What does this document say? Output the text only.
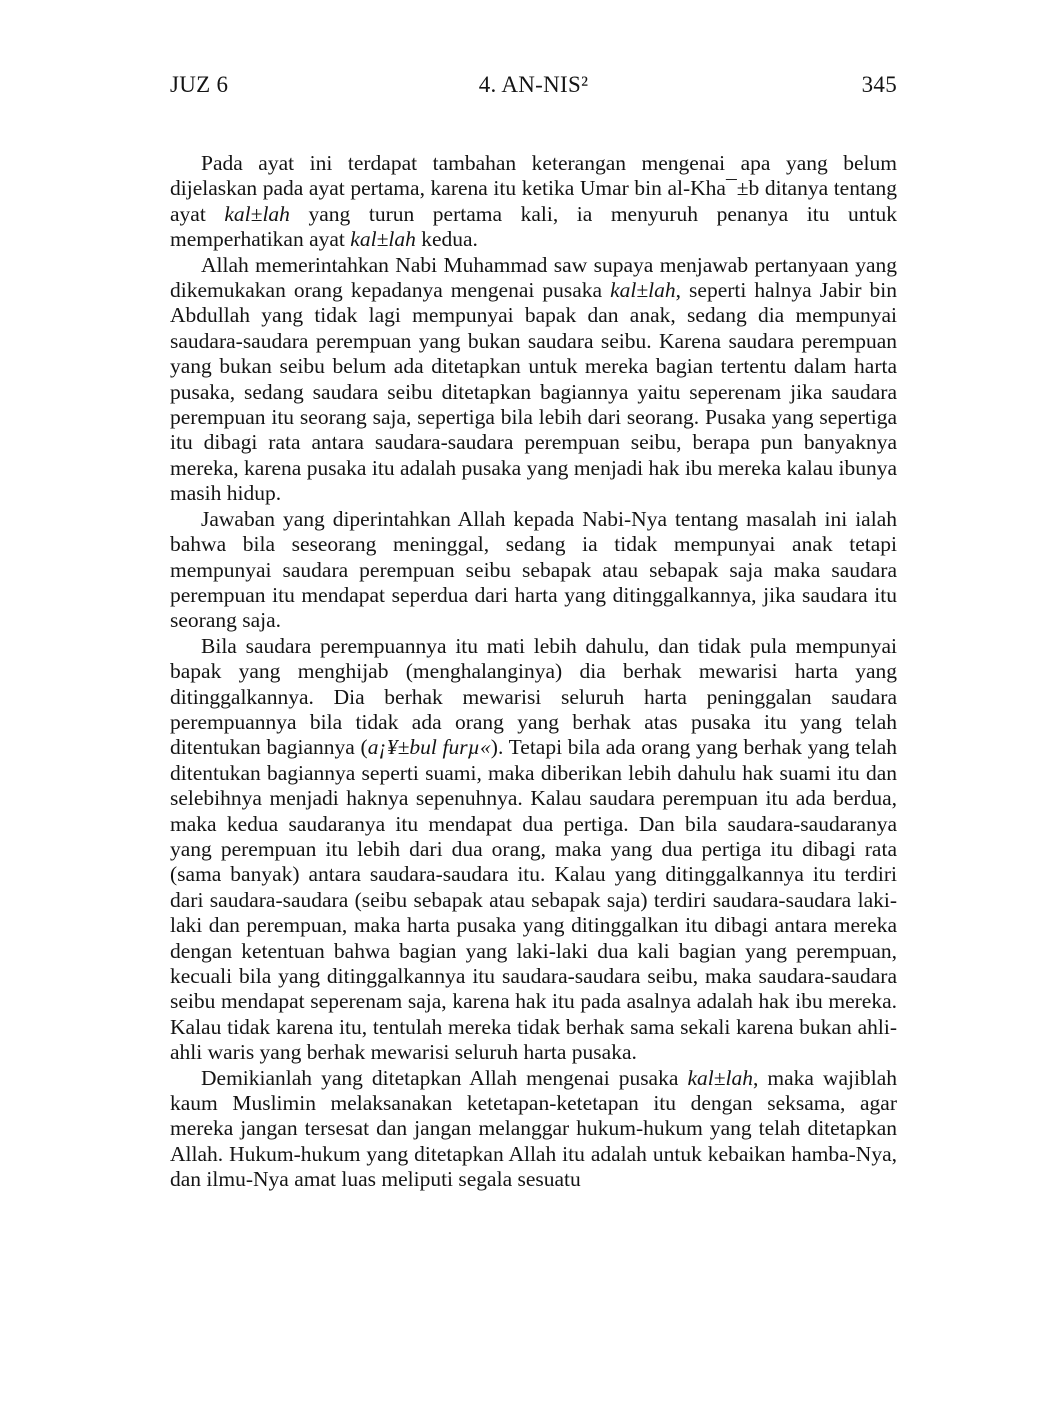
JUZ 6	4. AN-NIS²	345

Pada ayat ini terdapat tambahan keterangan mengenai apa yang belum dijelaskan pada ayat pertama, karena itu ketika Umar bin al-Kha¯±b ditanya tentang ayat kal±lah yang turun pertama kali, ia menyuruh penanya itu untuk memperhatikan ayat kal±lah kedua.

Allah memerintahkan Nabi Muhammad saw supaya menjawab pertanyaan yang dikemukakan orang kepadanya mengenai pusaka kal±lah, seperti halnya Jabir bin Abdullah yang tidak lagi mempunyai bapak dan anak, sedang dia mempunyai saudara-saudara perempuan yang bukan saudara seibu. Karena saudara perempuan yang bukan seibu belum ada ditetapkan untuk mereka bagian tertentu dalam harta pusaka, sedang saudara seibu ditetapkan bagiannya yaitu seperenam jika saudara perempuan itu seorang saja, sepertiga bila lebih dari seorang. Pusaka yang sepertiga itu dibagi rata antara saudara-saudara perempuan seibu, berapa pun banyaknya mereka, karena pusaka itu adalah pusaka yang menjadi hak ibu mereka kalau ibunya masih hidup.

Jawaban yang diperintahkan Allah kepada Nabi-Nya tentang masalah ini ialah bahwa bila seseorang meninggal, sedang ia tidak mempunyai anak tetapi mempunyai saudara perempuan seibu sebapak atau sebapak saja maka saudara perempuan itu mendapat seperdua dari harta yang ditinggalkannya, jika saudara itu seorang saja.

Bila saudara perempuannya itu mati lebih dahulu, dan tidak pula mempunyai bapak yang menghijab (menghalanginya) dia berhak mewarisi harta yang ditinggalkannya. Dia berhak mewarisi seluruh harta peninggalan saudara perempuannya bila tidak ada orang yang berhak atas pusaka itu yang telah ditentukan bagiannya (a¡¥±bul furµ«). Tetapi bila ada orang yang berhak yang telah ditentukan bagiannya seperti suami, maka diberikan lebih dahulu hak suami itu dan selebihnya menjadi haknya sepenuhnya. Kalau saudara perempuan itu ada berdua, maka kedua saudaranya itu mendapat dua pertiga. Dan bila saudara-saudaranya yang perempuan itu lebih dari dua orang, maka yang dua pertiga itu dibagi rata (sama banyak) antara saudara-saudara itu. Kalau yang ditinggalkannya itu terdiri dari saudara-saudara (seibu sebapak atau sebapak saja) terdiri saudara-saudara laki-laki dan perempuan, maka harta pusaka yang ditinggalkan itu dibagi antara mereka dengan ketentuan bahwa bagian yang laki-laki dua kali bagian yang perempuan, kecuali bila yang ditinggalkannya itu saudara-saudara seibu, maka saudara-saudara seibu mendapat seperenam saja, karena hak itu pada asalnya adalah hak ibu mereka. Kalau tidak karena itu, tentulah mereka tidak berhak sama sekali karena bukan ahli-ahli waris yang berhak mewarisi seluruh harta pusaka.

Demikianlah yang ditetapkan Allah mengenai pusaka kal±lah, maka wajiblah kaum Muslimin melaksanakan ketetapan-ketetapan itu dengan seksama, agar mereka jangan tersesat dan jangan melanggar hukum-hukum yang telah ditetapkan Allah. Hukum-hukum yang ditetapkan Allah itu adalah untuk kebaikan hamba-Nya, dan ilmu-Nya amat luas meliputi segala sesuatu
